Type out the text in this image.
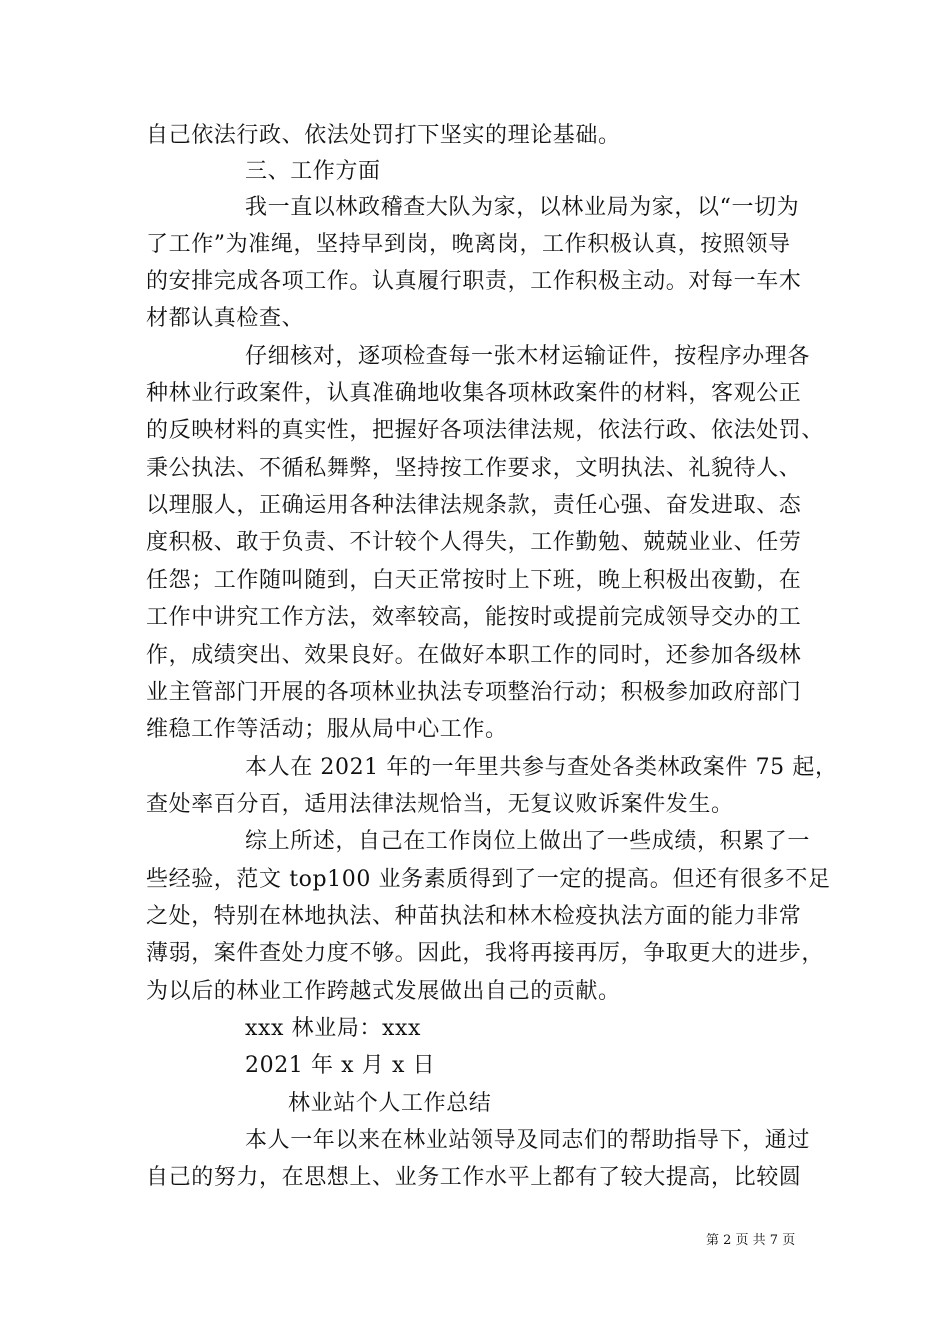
自己依法行政、依法处罚打下坚实的理论基础。
三、工作方面
我一直以林政稽查大队为家，以林业局为家，以“一切为
了工作”为准绳，坚持早到岗，晚离岗，工作积极认真，按照领导
的安排完成各项工作。认真履行职责，工作积极主动。对每一车木
材都认真检查、
仔细核对，逐项检查每一张木材运输证件，按程序办理各
种林业行政案件，认真准确地收集各项林政案件的材料，客观公正
的反映材料的真实性，把握好各项法律法规，依法行政、依法处罚、
秉公执法、不循私舞弊，坚持按工作要求，文明执法、礼貌待人、
以理服人，正确运用各种法律法规条款，责任心强、奋发进取、态
度积极、敢于负责、不计较个人得失，工作勤勉、兢兢业业、任劳
任怨；工作随叫随到，白天正常按时上下班，晚上积极出夜勤，在
工作中讲究工作方法，效率较高，能按时或提前完成领导交办的工
作，成绩突出、效果良好。在做好本职工作的同时，还参加各级林
业主管部门开展的各项林业执法专项整治行动；积极参加政府部门
维稳工作等活动；服从局中心工作。
本人在 2021 年的一年里共参与查处各类林政案件 75 起，
查处率百分百，适用法律法规恰当，无复议败诉案件发生。
综上所述，自己在工作岗位上做出了一些成绩，积累了一
些经验，范文 top100 业务素质得到了一定的提高。但还有很多不足
之处，特别在林地执法、种苗执法和林木检疫执法方面的能力非常
薄弱，案件查处力度不够。因此，我将再接再厉，争取更大的进步，
为以后的林业工作跨越式发展做出自己的贡献。
xxx 林业局：xxx
2021 年 x 月 x 日
林业站个人工作总结
本人一年以来在林业站领导及同志们的帮助指导下，通过
自己的努力，在思想上、业务工作水平上都有了较大提高，比较圆
第 2 页 共 7 页
